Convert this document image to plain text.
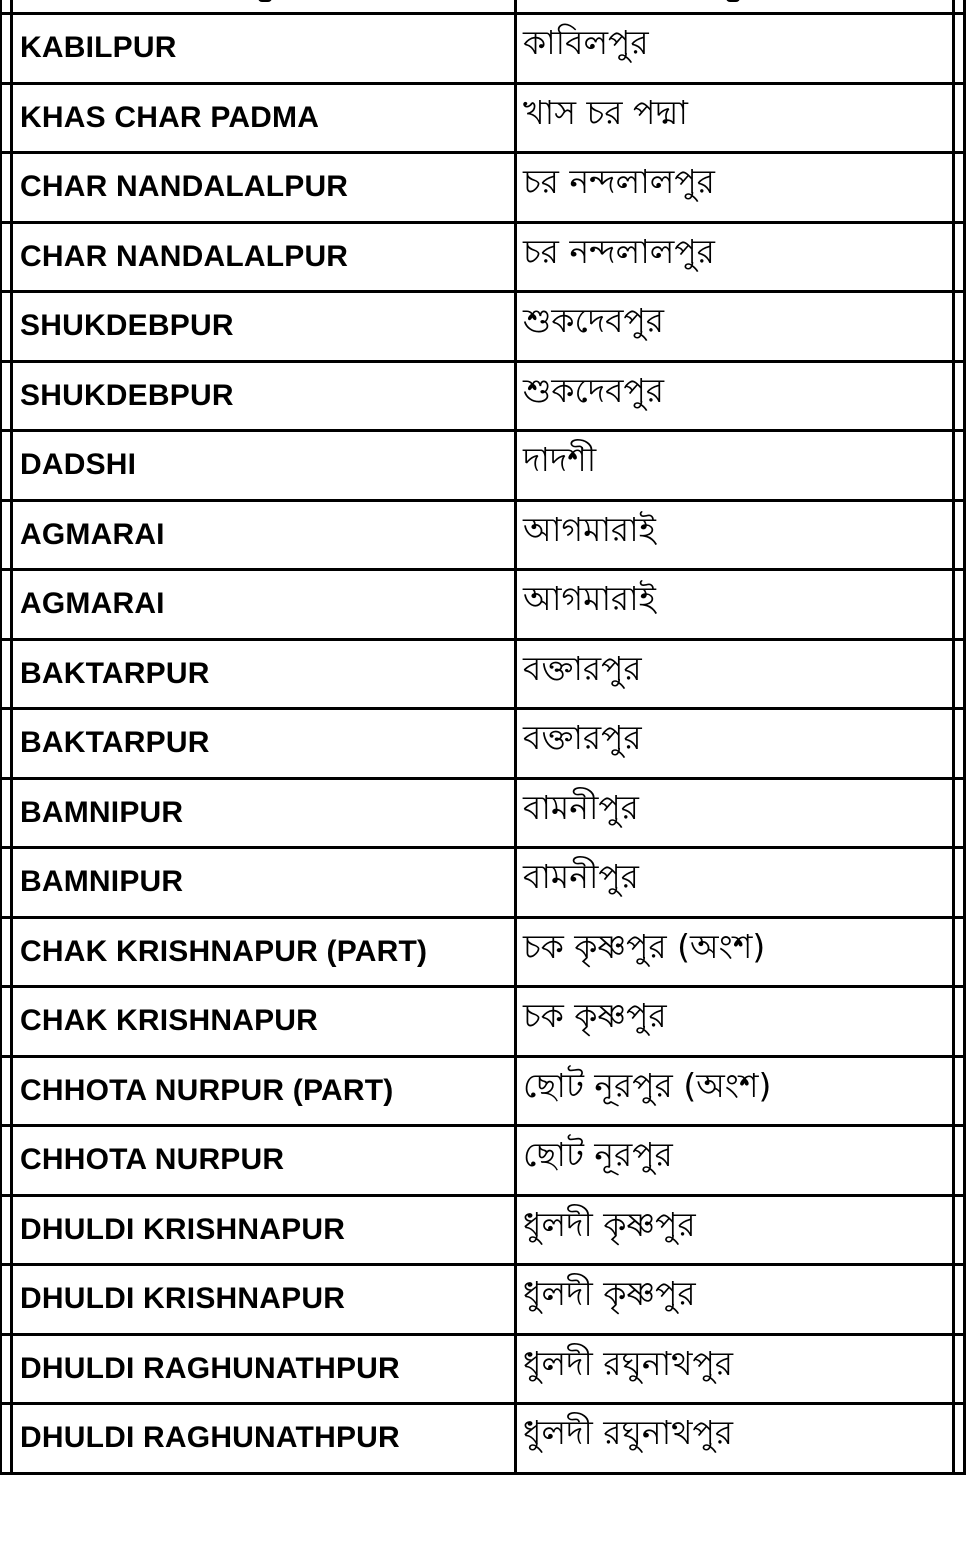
KABILPUR	কাবিলপুর
KHAS CHAR PADMA	খাস চর পদ্মা
CHAR NANDALALPUR	চর নন্দলালপুর
CHAR NANDALALPUR	চর নন্দলালপুর
SHUKDEBPUR	শুকদেবপুর
SHUKDEBPUR	শুকদেবপুর
DADSHI	দাদশী
AGMARAI	আগমারাই
AGMARAI	আগমারাই
BAKTARPUR	বক্তারপুর
BAKTARPUR	বক্তারপুর
BAMNIPUR	বামনীপুর
BAMNIPUR	বামনীপুর
CHAK KRISHNAPUR (PART)	চক কৃষ্ণপুর (অংশ)
CHAK KRISHNAPUR	চক কৃষ্ণপুর
CHHOTA NURPUR (PART)	ছোট নূরপুর (অংশ)
CHHOTA NURPUR	ছোট নূরপুর
DHULDI KRISHNAPUR	ধুলদী কৃষ্ণপুর
DHULDI KRISHNAPUR	ধুলদী কৃষ্ণপুর
DHULDI RAGHUNATHPUR	ধুলদী রঘুনাথপুর
DHULDI RAGHUNATHPUR	ধুলদী রঘুনাথপুর
